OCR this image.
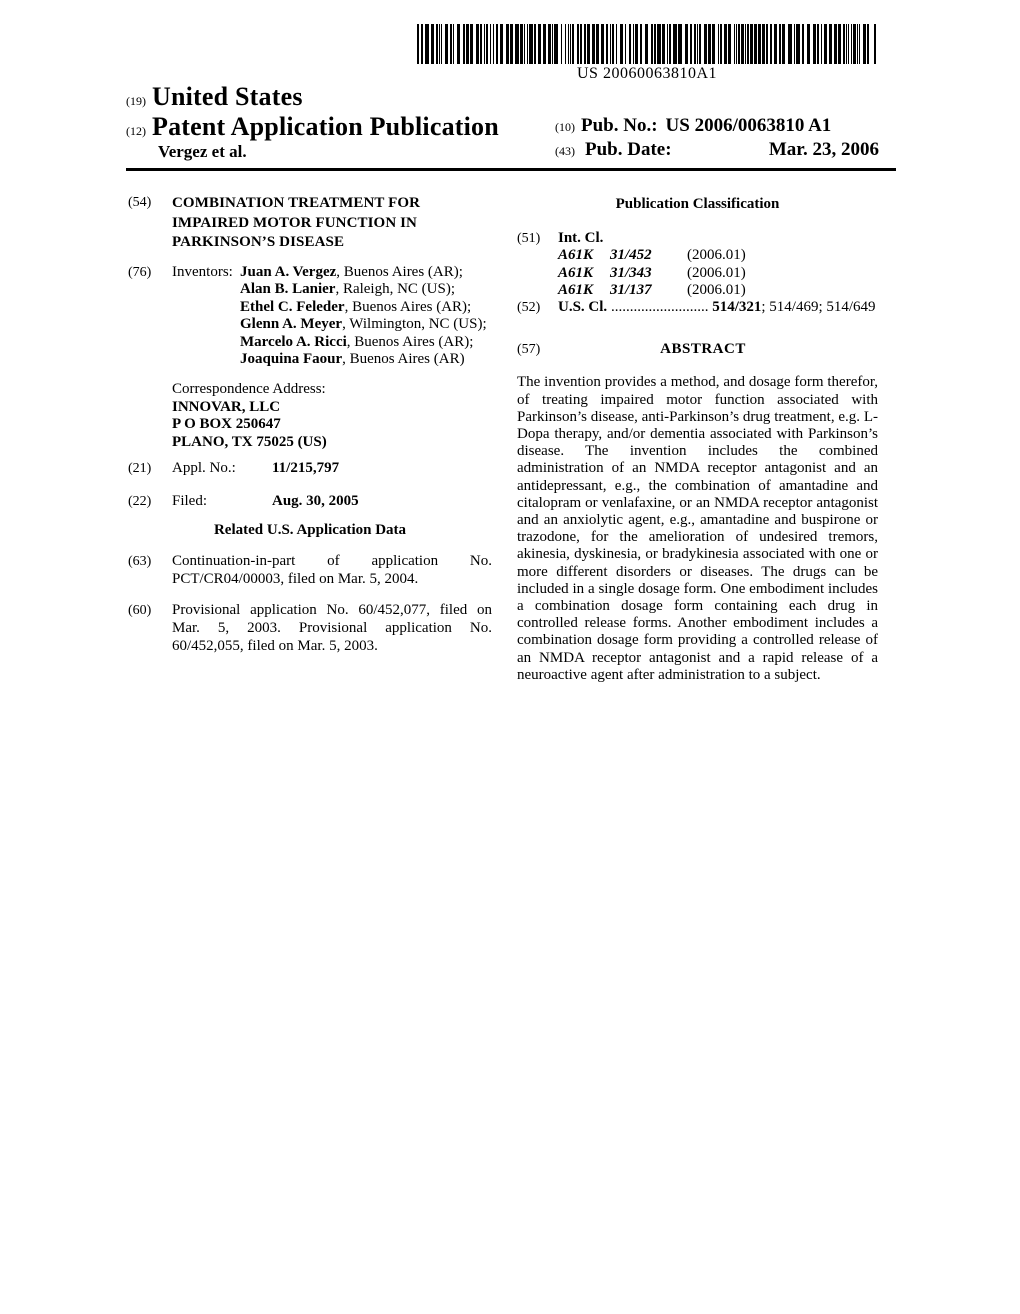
US 20060063810A1
(19) United States
(12) Patent Application Publication
Vergez et al.
(10) Pub. No.: US 2006/0063810 A1
(43) Pub. Date:	Mar. 23, 2006
(54)	COMBINATION TREATMENT FOR IMPAIRED MOTOR FUNCTION IN PARKINSON’S DISEASE
(76)	Inventors: Juan A. Vergez, Buenos Aires (AR); Alan B. Lanier, Raleigh, NC (US); Ethel C. Feleder, Buenos Aires (AR); Glenn A. Meyer, Wilmington, NC (US); Marcelo A. Ricci, Buenos Aires (AR); Joaquina Faour, Buenos Aires (AR)
Correspondence Address:
INNOVAR, LLC
P O BOX 250647
PLANO, TX 75025 (US)
(21)	Appl. No.:	11/215,797
(22)	Filed:	Aug. 30, 2005
Related U.S. Application Data
(63)	Continuation-in-part of application No. PCT/CR04/00003, filed on Mar. 5, 2004.
(60)	Provisional application No. 60/452,077, filed on Mar. 5, 2003. Provisional application No. 60/452,055, filed on Mar. 5, 2003.
Publication Classification
(51)	Int. Cl.
A61K	31/452	(2006.01)
A61K	31/343	(2006.01)
A61K	31/137	(2006.01)
(52)	U.S. Cl. .......................... 514/321; 514/469; 514/649
(57)	ABSTRACT
The invention provides a method, and dosage form therefor, of treating impaired motor function associated with Parkinson’s disease, anti-Parkinson’s drug treatment, e.g. L-Dopa therapy, and/or dementia associated with Parkinson’s disease. The invention includes the combined administration of an NMDA receptor antagonist and an antidepressant, e.g., the combination of amantadine and citalopram or venlafaxine, or an NMDA receptor antagonist and an anxiolytic agent, e.g., amantadine and buspirone or trazodone, for the amelioration of undesired tremors, akinesia, dyskinesia, or bradykinesia associated with one or more different disorders or diseases. The drugs can be included in a single dosage form. One embodiment includes a combination dosage form containing each drug in controlled release forms. Another embodiment includes a combination dosage form providing a controlled release of an NMDA receptor antagonist and a rapid release of a neuroactive agent after administration to a subject.
